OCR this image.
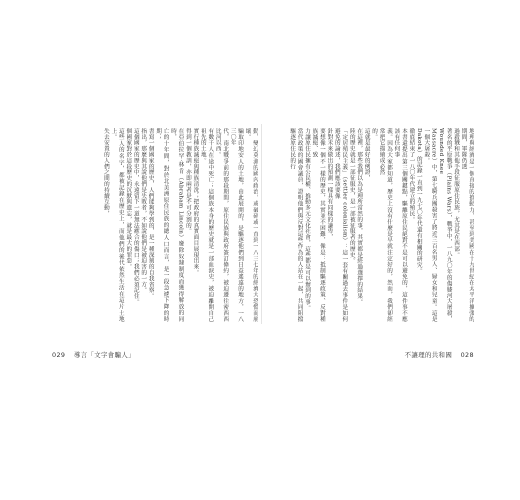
動，變幻莫測的國內政治，或破碎或一直到一八三七年的經濟大恐慌而崩壞。
騙取印地安人的土地，由此展開的，是驅逐他們到日益遙遠的地方，一八三〇年
代，南北戰爭前的那段期間，原住民族與政府簽訂條約，被迫遷往密西西比河以西。
有數千人在途中死亡；這個族本身的歷史就是一部血淚史，被迫離開自己祖先的土地。
實行種族滅絕與種族清洗；把政府的真實面目展現出來。
得到一個教訓，亦即兩者是不可分割的。
在亞伯拉罕·林肯（Abraham Lincoln）廢除奴隸制度而獲得解放的同時，
亡的十年間，對於北美洲原住民族的總人口而言，是一段急遽下降的時期；
書寫一個國家的歷史，人們能夠學到的，是一種深刻的自我省察。
指出，那麼與其說他們是失敗者，不如說他們是被迫害的一方。
這個國家的歷史中，永遠留下一道無法癒合的傷口；我們必須記住。
個國家對於這段歷史的沉默與遺忘，就是最大的罪惡。
這些人的名字，都被記錄在歷史上，而他們的後代依然生活在這片土地上。
失去安置的人們之間的持續互動，	地理與經濟是一個直接的推動力，甚至到美國在十九世紀在太平洋擴張的期間，軍隊仍透
過殺戮和其他手段征服原住民族，尤其是在西部。
著名的平原戰爭（Plains Wars），戰爭中，一八九〇年的傷膝河大屠殺，Wounded Knee
Massacre）中，第七騎兵團殺害了將近三百名男人、婦女和兒童。這是一個大屠殺。
Dakota）的記錄一直到一九七〇年代還有相關的研究。
徹底結束了一八〇年代建立的殖民。
本書還提出第三個關鍵點，驅離原住民絕對不是可以避免的，這件事不應該有任何事
義。因為大家都知道，歷史上沒有什麼是早就注定好的，然而，我們卻經常把它描繪成必然
的。
這就是最好的例證，
在這裡，那些我們以為是理所當然的事，其實都是經過選擇的結果。
陸的歷史就是一部征服史，是一部被征服者的歷史。
「定居殖民主義」（settler colonialism）：這一套有關過去事件是如何避免的論述，我們應該要像
針對未來做出的預測一樣具有同樣的謙卑，
要想像一個不一樣的歷史，其實並不困難，像是：抵制驅逐政策、反對種族滅絕、致
力讓原住民擁有公民權、推動多元文化社會，這些都是可以辦到的事。
當代政策的國會議員，證明他們與反對這些作為的人站在一起，共同阻擋驅逐原住民的行
029 導言「文字會騙人」	不讓理的共和國 028
